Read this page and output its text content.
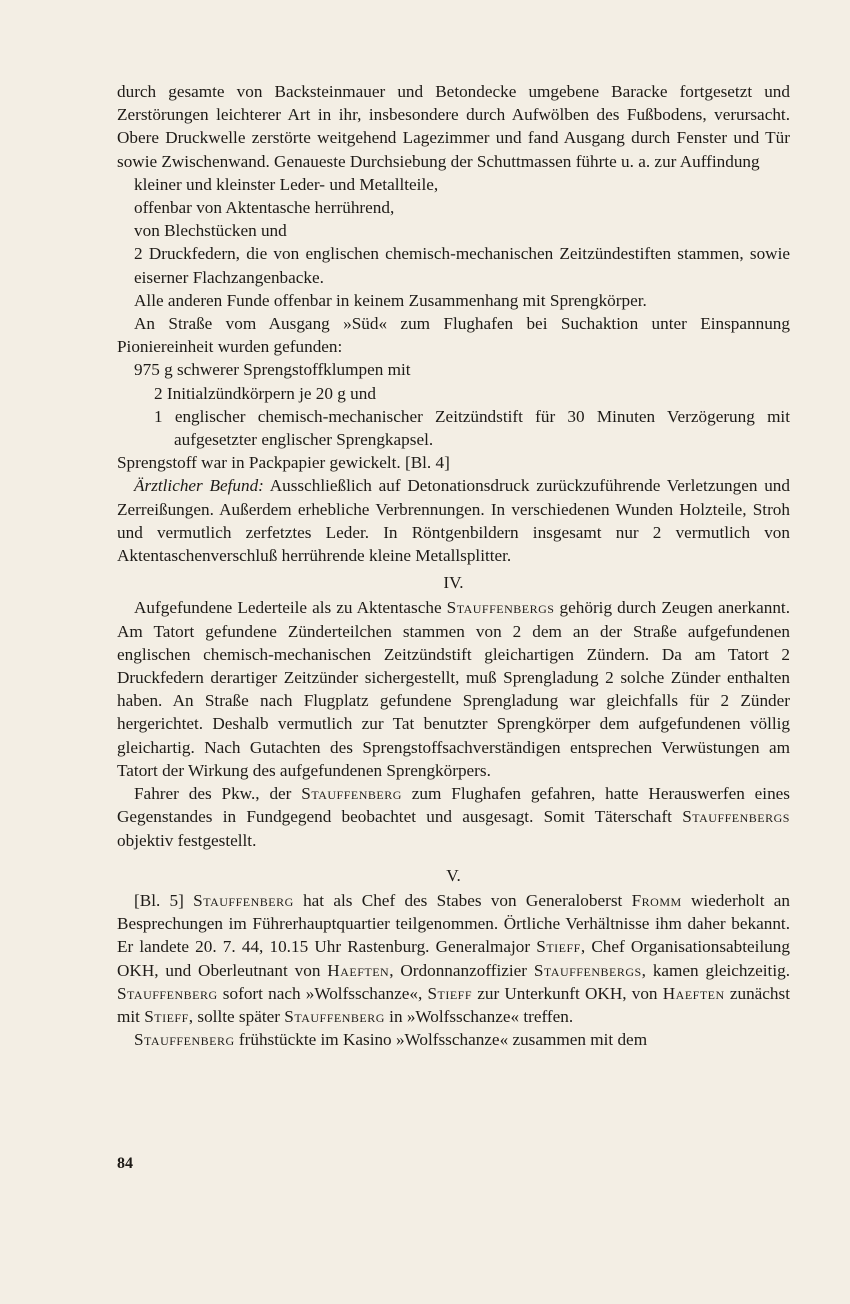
durch gesamte von Backsteinmauer und Betondecke umgebene Baracke fortgesetzt und Zerstörungen leichterer Art in ihr, insbesondere durch Aufwölben des Fußbodens, verursacht. Obere Druckwelle zerstörte weitgehend Lagezimmer und fand Ausgang durch Fenster und Tür sowie Zwischenwand. Genaueste Durchsiebung der Schuttmassen führte u. a. zur Auffindung

kleiner und kleinster Leder- und Metallteile,

offenbar von Aktentasche herrührend,

von Blechstücken und

2 Druckfedern, die von englischen chemisch-mechanischen Zeitzündestiften stammen, sowie eiserner Flachzangenbacke.

Alle anderen Funde offenbar in keinem Zusammenhang mit Sprengkörper.

An Straße vom Ausgang »Süd« zum Flughafen bei Suchaktion unter Einspannung Pioniereinheit wurden gefunden:

975 g schwerer Sprengstoffklumpen mit

2 Initialzündkörpern je 20 g und

1 englischer chemisch-mechanischer Zeitzündstift für 30 Minuten Verzögerung mit aufgesetzter englischer Sprengkapsel.

Sprengstoff war in Packpapier gewickelt. [Bl. 4]

Ärztlicher Befund: Ausschließlich auf Detonationsdruck zurückzuführende Verletzungen und Zerreißungen. Außerdem erhebliche Verbrennungen. In verschiedenen Wunden Holzteile, Stroh und vermutlich zerfetztes Leder. In Röntgenbildern insgesamt nur 2 vermutlich von Aktentaschenverschluß herrührende kleine Metallsplitter.

IV.

Aufgefundene Lederteile als zu Aktentasche Stauffenbergs gehörig durch Zeugen anerkannt. Am Tatort gefundene Zünderteilchen stammen von 2 dem an der Straße aufgefundenen englischen chemisch-mechanischen Zeitzündstift gleichartigen Zündern. Da am Tatort 2 Druckfedern derartiger Zeitzünder sichergestellt, muß Sprengladung 2 solche Zünder enthalten haben. An Straße nach Flugplatz gefundene Sprengladung war gleichfalls für 2 Zünder hergerichtet. Deshalb vermutlich zur Tat benutzter Sprengkörper dem aufgefundenen völlig gleichartig. Nach Gutachten des Sprengstoffsachverständigen entsprechen Verwüstungen am Tatort der Wirkung des aufgefundenen Sprengkörpers.

Fahrer des Pkw., der Stauffenberg zum Flughafen gefahren, hatte Herauswerfen eines Gegenstandes in Fundgegend beobachtet und ausgesagt. Somit Täterschaft Stauffenbergs objektiv festgestellt.

V.

[Bl. 5] Stauffenberg hat als Chef des Stabes von Generaloberst Fromm wiederholt an Besprechungen im Führerhauptquartier teilgenommen. Örtliche Verhältnisse ihm daher bekannt. Er landete 20. 7. 44, 10.15 Uhr Rastenburg. Generalmajor Stieff, Chef Organisationsabteilung OKH, und Oberleutnant von Haeften, Ordonnanzoffizier Stauffenbergs, kamen gleichzeitig. Stauffenberg sofort nach »Wolfsschanze«, Stieff zur Unterkunft OKH, von Haeften zunächst mit Stieff, sollte später Stauffenberg in »Wolfsschanze« treffen.

Stauffenberg frühstückte im Kasino »Wolfsschanze« zusammen mit dem

84
